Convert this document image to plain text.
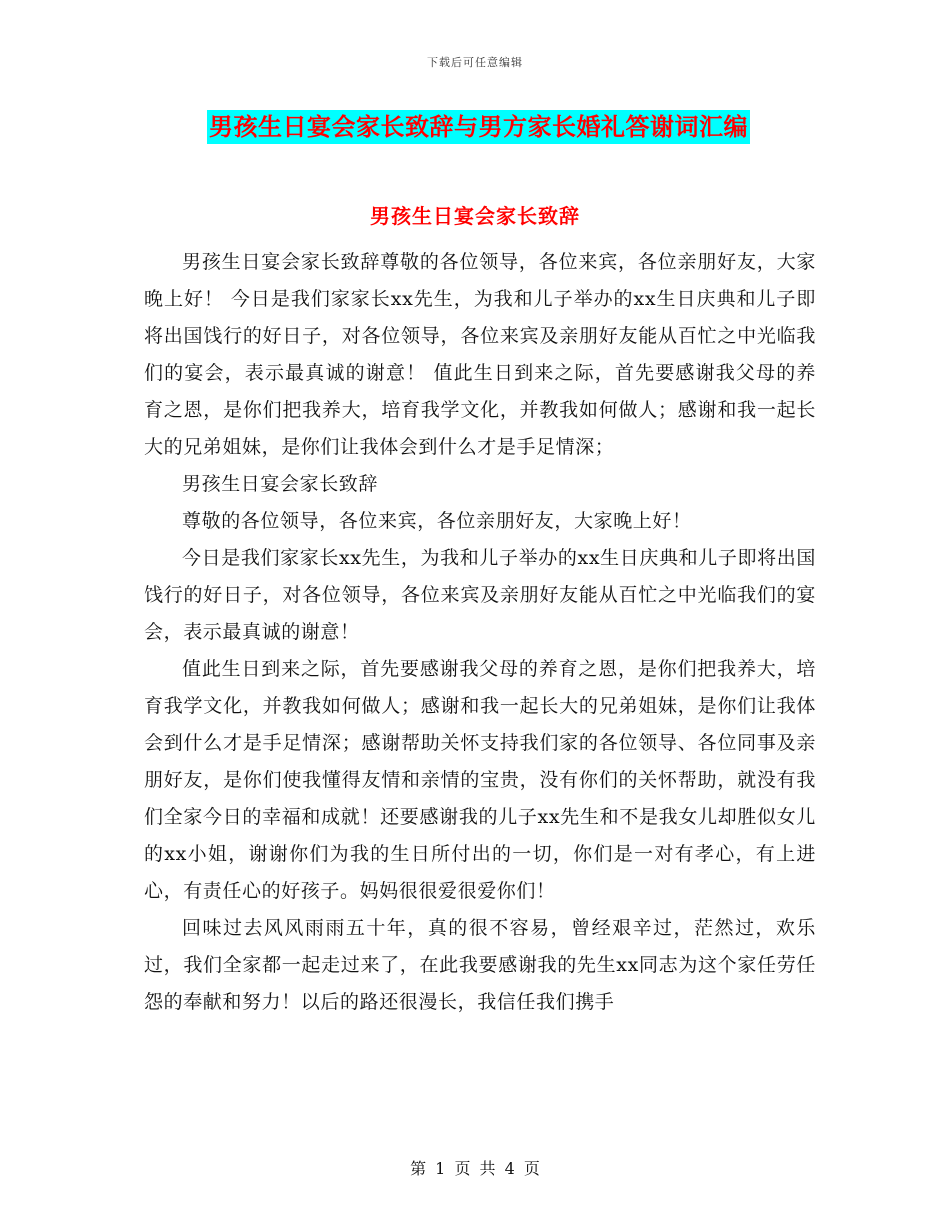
下载后可任意编辑
男孩生日宴会家长致辞与男方家长婚礼答谢词汇编
男孩生日宴会家长致辞

男孩生日宴会家长致辞尊敬的各位领导，各位来宾，各位亲朋好友，大家晚上好！ 今日是我们家家长xx先生，为我和儿子举办的xx生日庆典和儿子即将出国饯行的好日子，对各位领导，各位来宾及亲朋好友能从百忙之中光临我们的宴会，表示最真诚的谢意！ 值此生日到来之际，首先要感谢我父母的养育之恩，是你们把我养大，培育我学文化，并教我如何做人；感谢和我一起长大的兄弟姐妹，是你们让我体会到什么才是手足情深；

男孩生日宴会家长致辞

尊敬的各位领导，各位来宾，各位亲朋好友，大家晚上好！

今日是我们家家长xx先生，为我和儿子举办的xx生日庆典和儿子即将出国饯行的好日子，对各位领导，各位来宾及亲朋好友能从百忙之中光临我们的宴会，表示最真诚的谢意！

值此生日到来之际，首先要感谢我父母的养育之恩，是你们把我养大，培育我学文化，并教我如何做人；感谢和我一起长大的兄弟姐妹，是你们让我体会到什么才是手足情深；感谢帮助关怀支持我们家的各位领导、各位同事及亲朋好友，是你们使我懂得友情和亲情的宝贵，没有你们的关怀帮助，就没有我们全家今日的幸福和成就！还要感谢我的儿子xx先生和不是我女儿却胜似女儿的xx小姐，谢谢你们为我的生日所付出的一切，你们是一对有孝心，有上进心，有责任心的好孩子。妈妈很很爱很爱你们！

回味过去风风雨雨五十年，真的很不容易，曾经艰辛过，茫然过，欢乐过，我们全家都一起走过来了，在此我要感谢我的先生xx同志为这个家任劳任怨的奉献和努力！以后的路还很漫长，我信任我们携手

第 1 页 共 4 页
